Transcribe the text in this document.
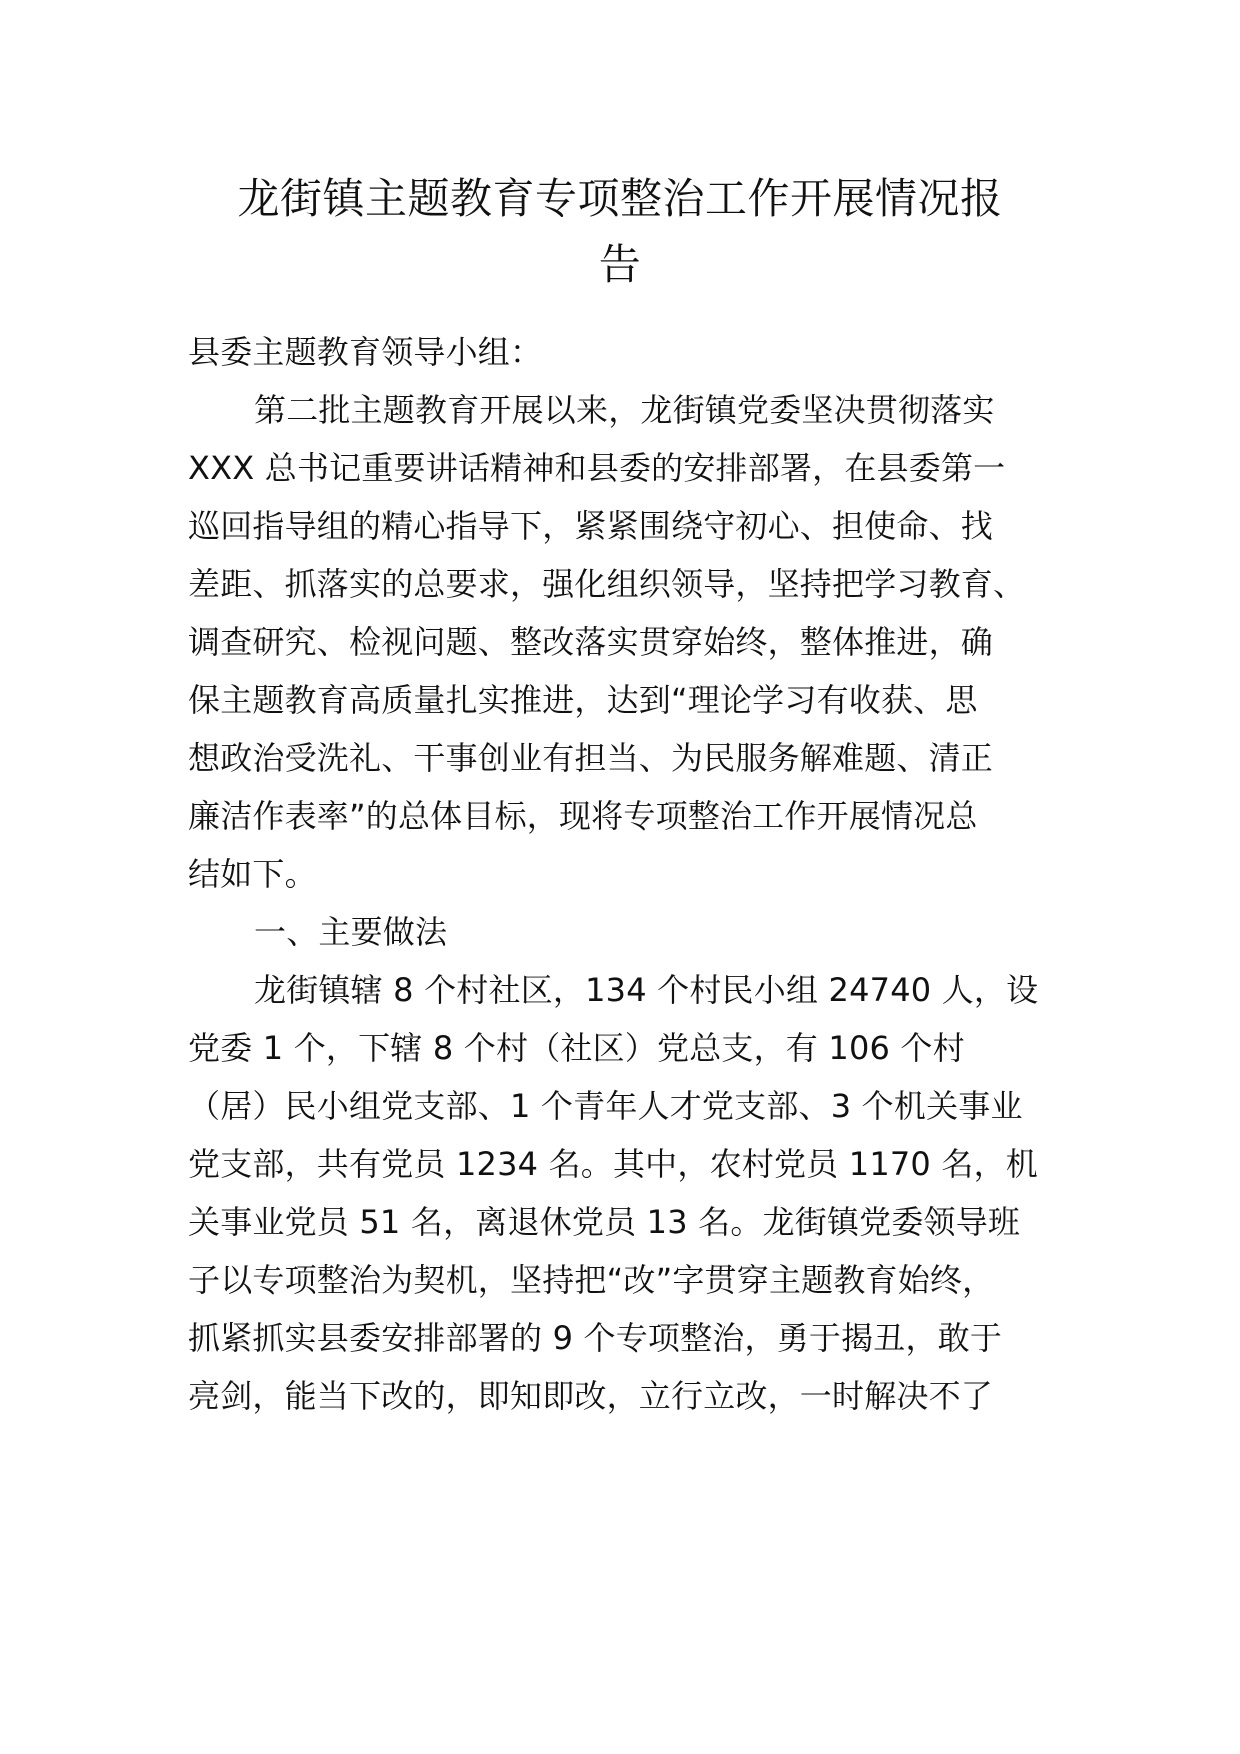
龙街镇主题教育专项整治工作开展情况报
告
县委主题教育领导小组：
第二批主题教育开展以来，龙街镇党委坚决贯彻落实
XXX 总书记重要讲话精神和县委的安排部署，在县委第一
巡回指导组的精心指导下，紧紧围绕守初心、担使命、找
差距、抓落实的总要求，强化组织领导，坚持把学习教育、
调查研究、检视问题、整改落实贯穿始终，整体推进，确
保主题教育高质量扎实推进，达到“理论学习有收获、思
想政治受洗礼、干事创业有担当、为民服务解难题、清正
廉洁作表率”的总体目标，现将专项整治工作开展情况总
结如下。
一、主要做法
龙街镇辖 8 个村社区，134 个村民小组 24740 人，设
党委 1 个，下辖 8 个村（社区）党总支，有 106 个村
（居）民小组党支部、1 个青年人才党支部、3 个机关事业
党支部，共有党员 1234 名。其中，农村党员 1170 名，机
关事业党员 51 名，离退休党员 13 名。龙街镇党委领导班
子以专项整治为契机，坚持把“改”字贯穿主题教育始终，
抓紧抓实县委安排部署的 9 个专项整治，勇于揭丑，敢于
亮剑，能当下改的，即知即改，立行立改，一时解决不了
